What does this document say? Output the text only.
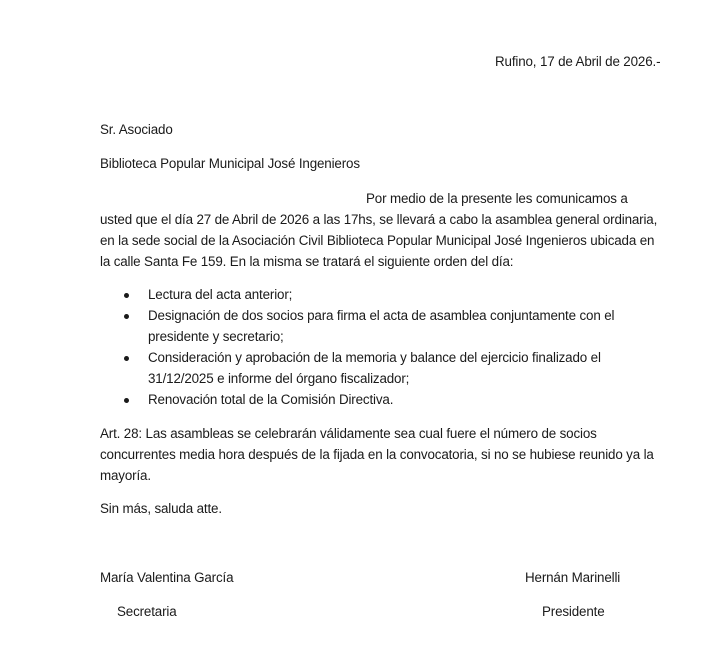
Rufino, 17 de Abril de 2026.-
Sr. Asociado
Biblioteca Popular Municipal José Ingenieros
Por medio de la presente les comunicamos a
usted que el día 27 de Abril de 2026 a las 17hs, se llevará a cabo la asamblea general ordinaria,
en la sede social de la Asociación Civil Biblioteca Popular Municipal José Ingenieros ubicada en
la calle Santa Fe 159. En la misma se tratará el siguiente orden del día:
Lectura del acta anterior;
Designación de dos socios para firma el acta de asamblea conjuntamente con el
presidente y secretario;
Consideración y aprobación de la memoria y balance del ejercicio finalizado el
31/12/2025 e informe del órgano fiscalizador;
Renovación total de la Comisión Directiva.
Art. 28: Las asambleas se celebrarán válidamente sea cual fuere el número de socios
concurrentes media hora después de la fijada en la convocatoria, si no se hubiese reunido ya la
mayoría.
Sin más, saluda atte.
María Valentina García
Secretaria
Hernán Marinelli
Presidente
